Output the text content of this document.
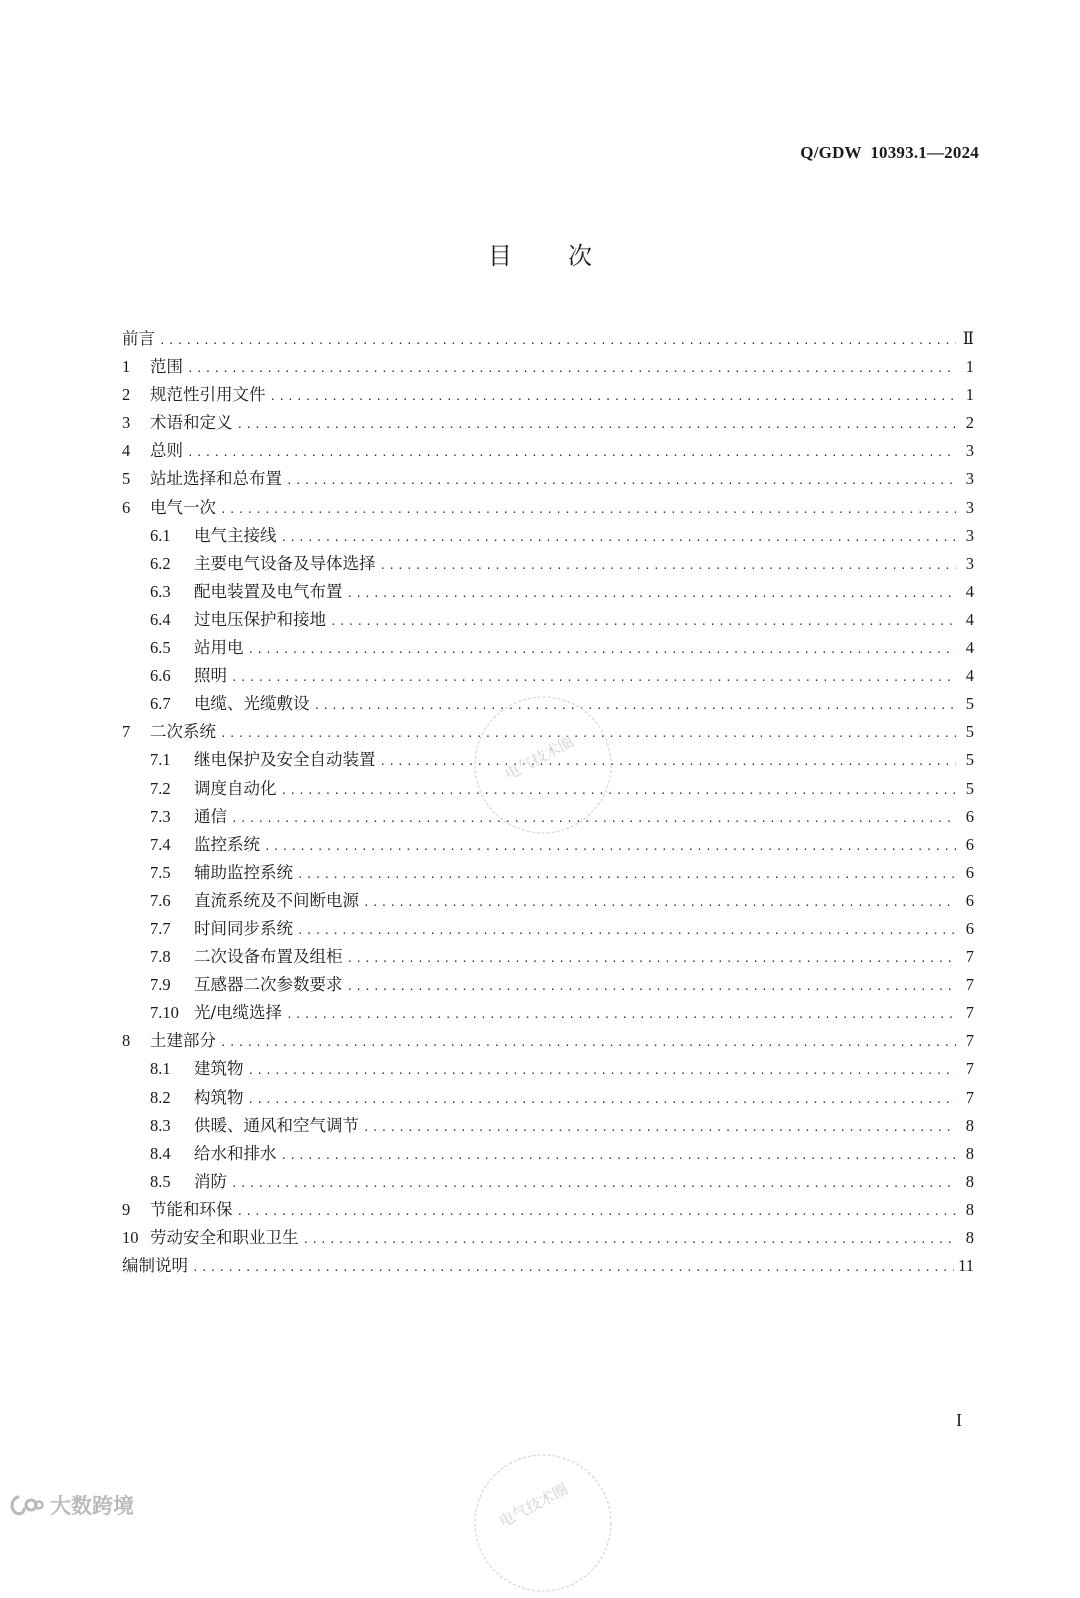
Q/GDW  10393.1—2024
目次
前言 .....	Ⅱ
1	范围 .....	1
2	规范性引用文件 .....	1
3	术语和定义 .....	2
4	总则 .....	3
5	站址选择和总布置 .....	3
6	电气一次 .....	3
6.1	电气主接线 .....	3
6.2	主要电气设备及导体选择 .....	3
6.3	配电装置及电气布置 .....	4
6.4	过电压保护和接地 .....	4
6.5	站用电 .....	4
6.6	照明 .....	4
6.7	电缆、光缆敷设 .....	5
7	二次系统 .....	5
7.1	继电保护及安全自动装置 .....	5
7.2	调度自动化 .....	5
7.3	通信 .....	6
7.4	监控系统 .....	6
7.5	辅助监控系统 .....	6
7.6	直流系统及不间断电源 .....	6
7.7	时间同步系统 .....	6
7.8	二次设备布置及组柜 .....	7
7.9	互感器二次参数要求 .....	7
7.10 光/电缆选择 .....	7
8	土建部分 .....	7
8.1	建筑物 .....	7
8.2	构筑物 .....	7
8.3	供暖、通风和空气调节 .....	8
8.4	给水和排水 .....	8
8.5	消防 .....	8
9	节能和环保 .....	8
10 劳动安全和职业卫生 .....	8
编制说明 .....	11
I
电气技术圈
电气技术圈
大数跨境
